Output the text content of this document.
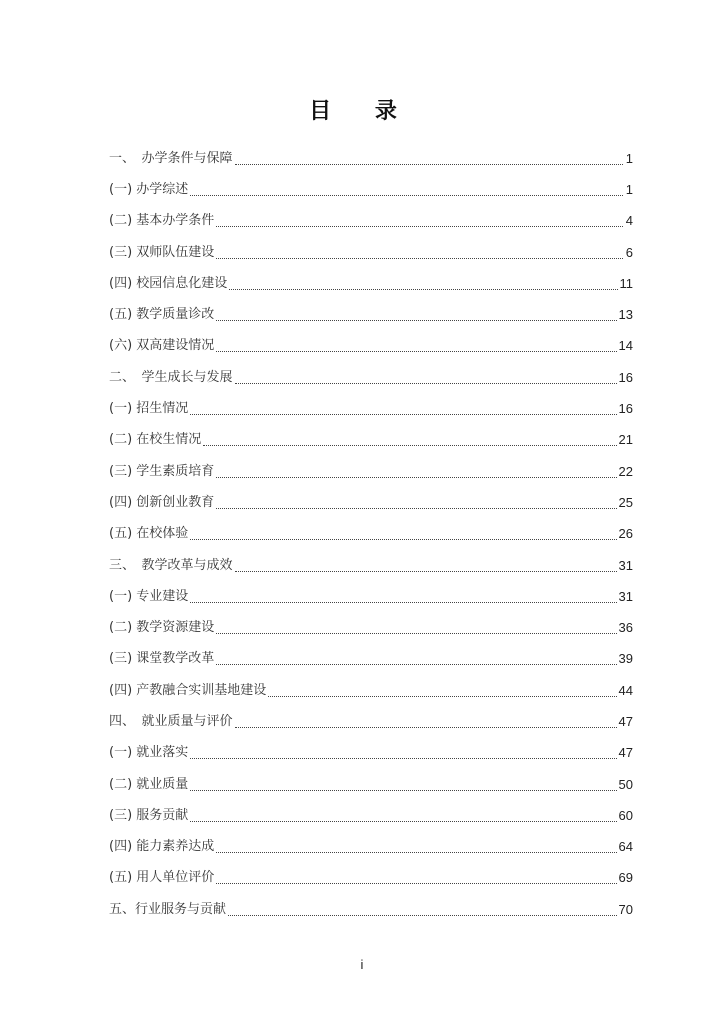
目 录
一、　办学条件与保障	1
(一) 办学综述	1
(二) 基本办学条件	4
(三) 双师队伍建设	6
(四) 校园信息化建设	11
(五) 教学质量诊改	13
(六) 双高建设情况	14
二、　学生成长与发展	16
(一) 招生情况	16
(二) 在校生情况	21
(三) 学生素质培育	22
(四) 创新创业教育	25
(五) 在校体验	26
三、　教学改革与成效	31
(一) 专业建设	31
(二) 教学资源建设	36
(三) 课堂教学改革	39
(四) 产教融合实训基地建设	44
四、　就业质量与评价	47
(一) 就业落实	47
(二) 就业质量	50
(三) 服务贡献	60
(四) 能力素养达成	64
(五) 用人单位评价	69
五、行业服务与贡献	70
i
